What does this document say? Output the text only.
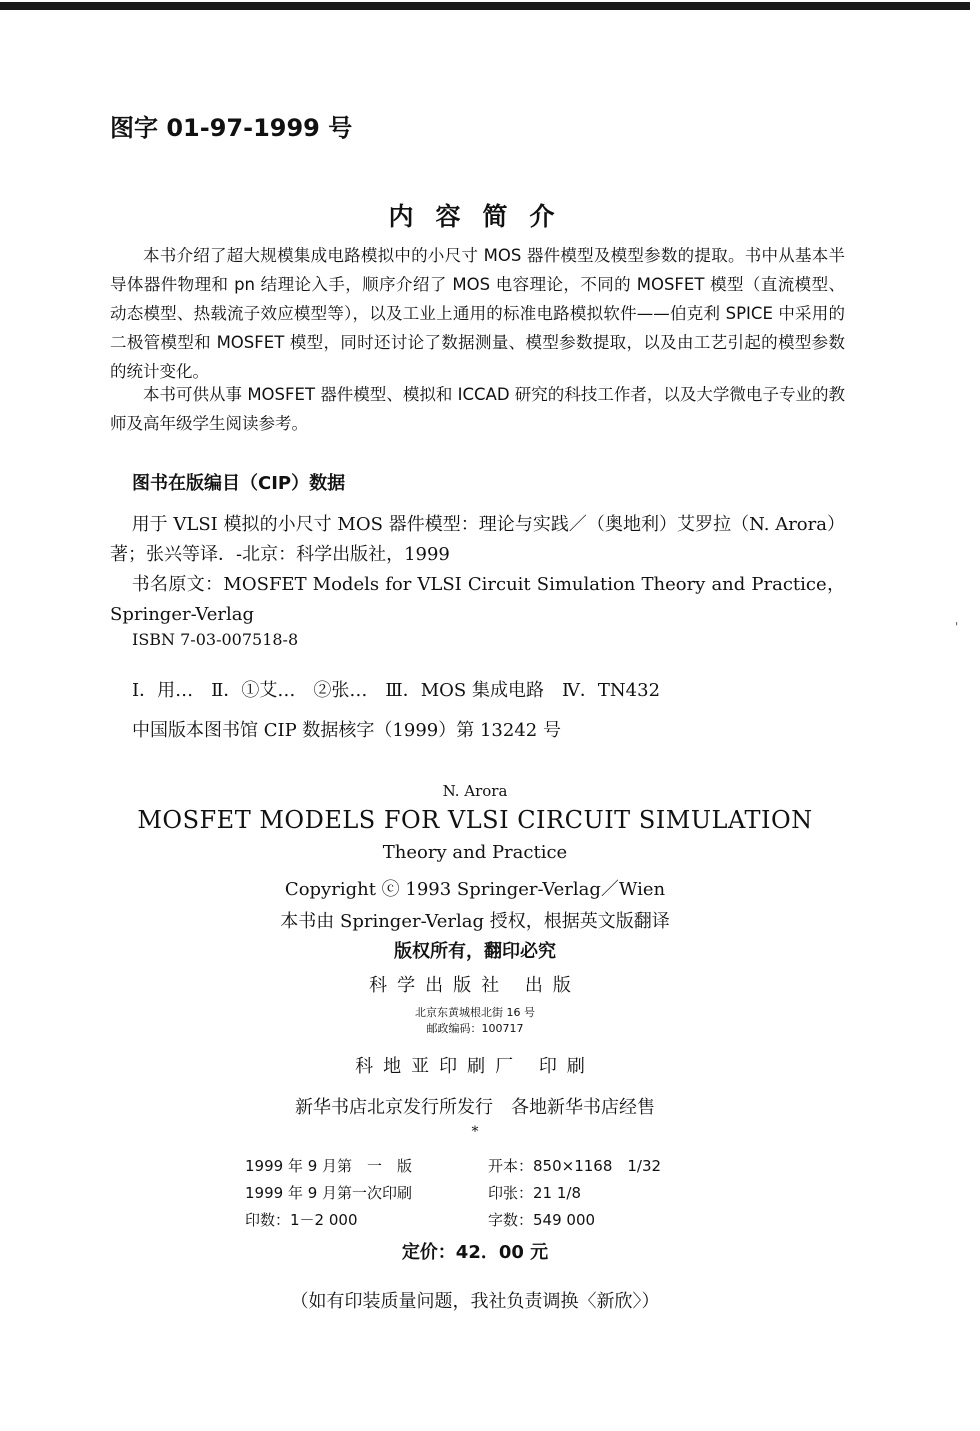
图字 01-97-1999 号
内容简介
本书介绍了超大规模集成电路模拟中的小尺寸 MOS 器件模型及模型参数的提取。书中从基本半导体器件物理和 pn 结理论入手，顺序介绍了 MOS 电容理论，不同的 MOSFET 模型（直流模型、动态模型、热载流子效应模型等），以及工业上通用的标准电路模拟软件——伯克利 SPICE 中采用的二极管模型和 MOSFET 模型，同时还讨论了数据测量、模型参数提取，以及由工艺引起的模型参数的统计变化。
本书可供从事 MOSFET 器件模型、模拟和 ICCAD 研究的科技工作者，以及大学微电子专业的教师及高年级学生阅读参考。
图书在版编目（CIP）数据
用于 VLSI 模拟的小尺寸 MOS 器件模型：理论与实践／（奥地利）艾罗拉（N. Arora）著；张兴等译．-北京：科学出版社，1999
书名原文：MOSFET Models for VLSI Circuit Simulation Theory and Practice，Springer-Verlag
ISBN 7-03-007518-8
Ⅰ．用…　Ⅱ．①艾…　②张…　Ⅲ．MOS 集成电路　Ⅳ．TN432
中国版本图书馆 CIP 数据核字（1999）第 13242 号
N. Arora
MOSFET MODELS FOR VLSI CIRCUIT SIMULATION
Theory and Practice
Copyright ⓒ 1993 Springer-Verlag／Wien
本书由 Springer-Verlag 授权，根据英文版翻译
版权所有，翻印必究
科学出版社 出版
北京东黄城根北街 16 号
邮政编码：100717
科地亚印刷厂 印刷
新华书店北京发行所发行　各地新华书店经售
*
1999 年 9 月第　一　版
1999 年 9 月第一次印刷
印数：1－2 000
开本：850×1168　1/32
印张：21 1/8
字数：549 000
定价：42．00 元
（如有印装质量问题，我社负责调换〈新欣〉）
'
